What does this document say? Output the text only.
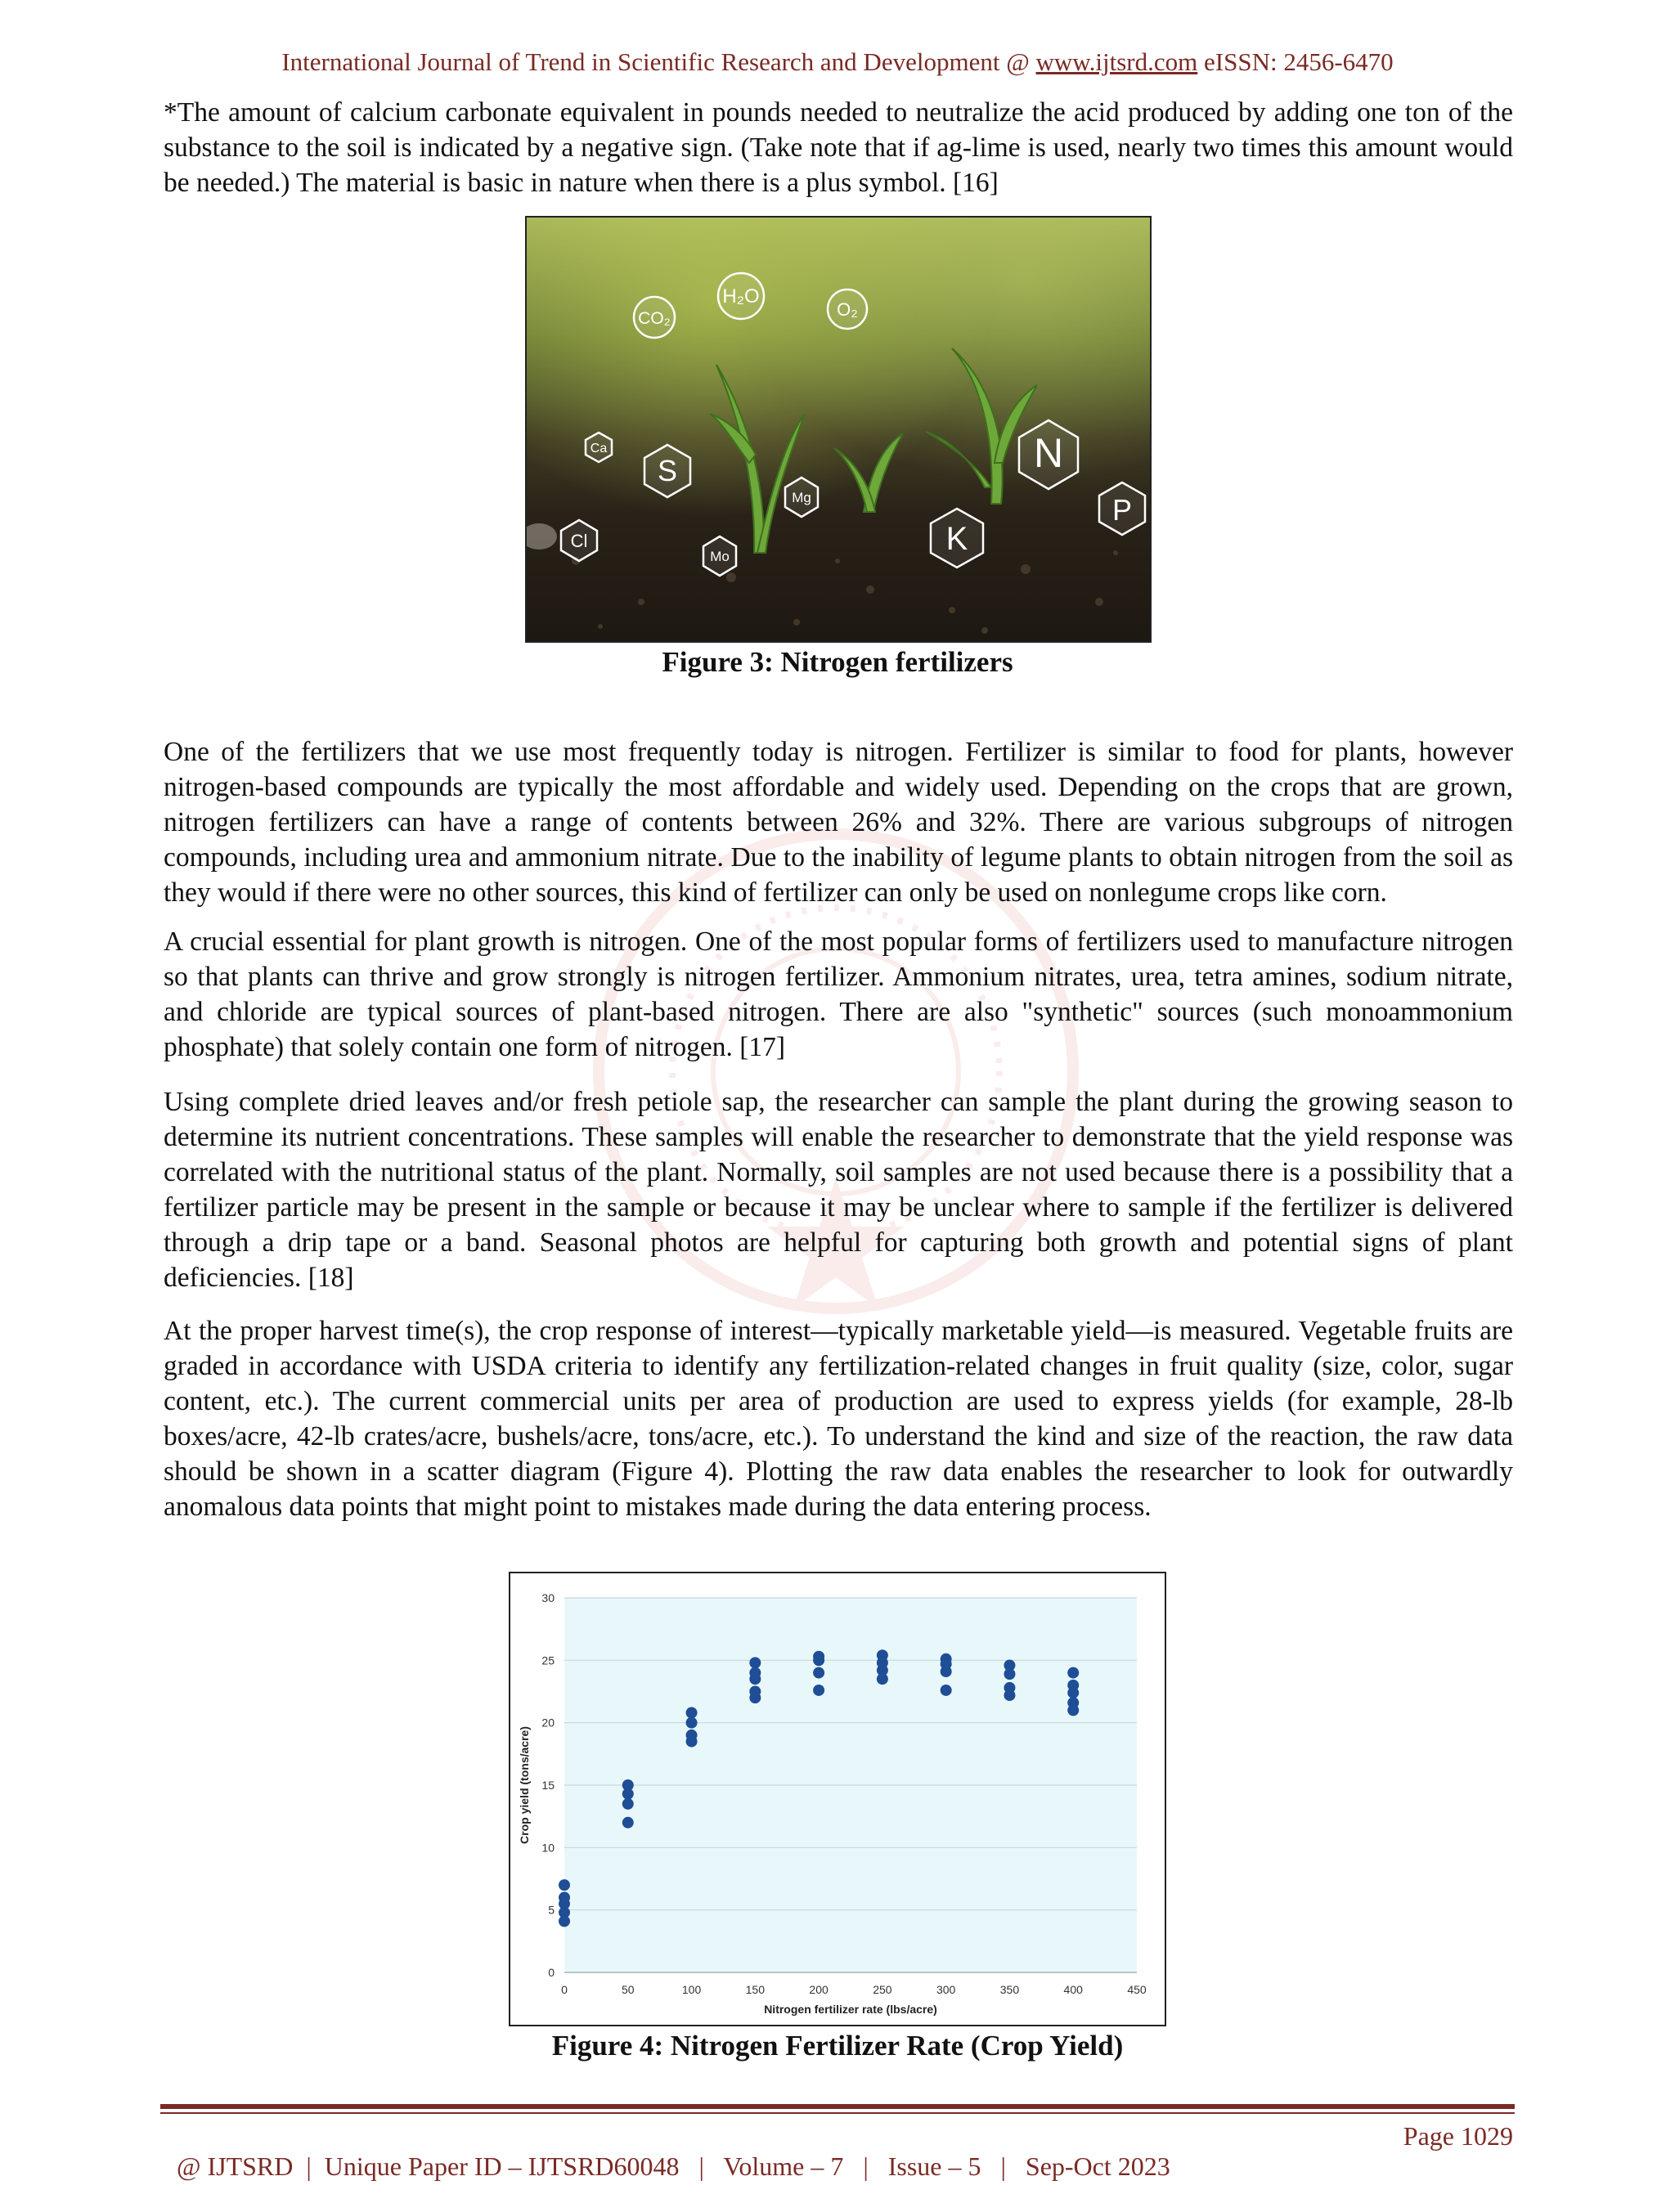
International Journal of Trend in Scientific Research and Development @ www.ijtsrd.com eISSN: 2456-6470

*The amount of calcium carbonate equivalent in pounds needed to neutralize the acid produced by adding one ton of the substance to the soil is indicated by a negative sign. (Take note that if ag-lime is used, nearly two times this amount would be needed.) The material is basic in nature when there is a plus symbol. [16]

H₂O
O₂
CO₂
Ca
S
Cl
Mg
Mo	K
N
P
Figure 3: Nitrogen fertilizers

One of the fertilizers that we use most frequently today is nitrogen. Fertilizer is similar to food for plants, however nitrogen-based compounds are typically the most affordable and widely used. Depending on the crops that are grown, nitrogen fertilizers can have a range of contents between 26% and 32%. There are various subgroups of nitrogen compounds, including urea and ammonium nitrate. Due to the inability of legume plants to obtain nitrogen from the soil as they would if there were no other sources, this kind of fertilizer can only be used on nonlegume crops like corn.

A crucial essential for plant growth is nitrogen. One of the most popular forms of fertilizers used to manufacture nitrogen so that plants can thrive and grow strongly is nitrogen fertilizer. Ammonium nitrates, urea, tetra amines, sodium nitrate, and chloride are typical sources of plant-based nitrogen. There are also "synthetic" sources (such monoammonium phosphate) that solely contain one form of nitrogen. [17]

Using complete dried leaves and/or fresh petiole sap, the researcher can sample the plant during the growing season to determine its nutrient concentrations. These samples will enable the researcher to demonstrate that the yield response was correlated with the nutritional status of the plant. Normally, soil samples are not used because there is a possibility that a fertilizer particle may be present in the sample or because it may be unclear where to sample if the fertilizer is delivered through a drip tape or a band. Seasonal photos are helpful for capturing both growth and potential signs of plant deficiencies. [18]

At the proper harvest time(s), the crop response of interest—typically marketable yield—is measured. Vegetable fruits are graded in accordance with USDA criteria to identify any fertilization-related changes in fruit quality (size, color, sugar content, etc.). The current commercial units per area of production are used to express yields (for example, 28-lb boxes/acre, 42-lb crates/acre, bushels/acre, tons/acre, etc.). To understand the kind and size of the reaction, the raw data should be shown in a scatter diagram (Figure 4). Plotting the raw data enables the researcher to look for outwardly anomalous data points that might point to mistakes made during the data entering process.

0
5
10
15
20
25
30
0	50	100	150	200	250	300	350	400	450
Nitrogen fertilizer rate (lbs/acre)
Crop yield (tons/acre)
Figure 4: Nitrogen Fertilizer Rate (Crop Yield)

@ IJTSRD  |  Unique Paper ID – IJTSRD60048   |   Volume – 7   |   Issue – 5   |   Sep-Oct 2023

Page 1029
